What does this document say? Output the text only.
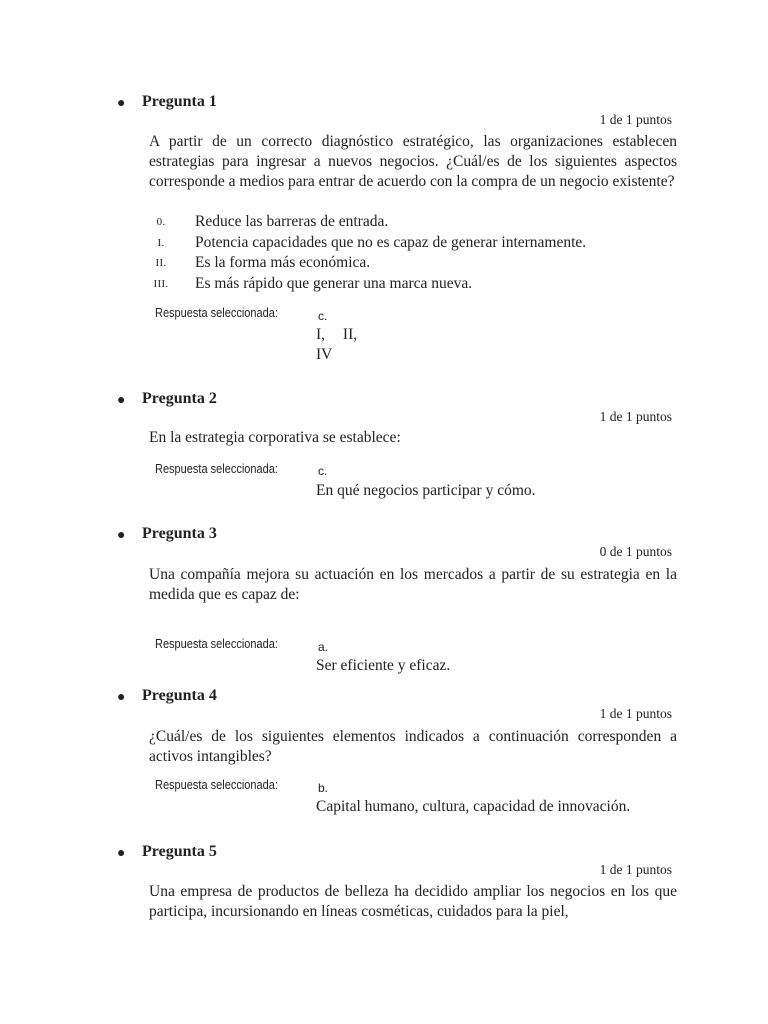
● Pregunta 1
1 de 1 puntos
A partir de un correcto diagnóstico estratégico, las organizaciones establecen estrategias para ingresar a nuevos negocios. ¿Cuál/es de los siguientes aspectos corresponde a medios para entrar de acuerdo con la compra de un negocio existente?
0.	Reduce las barreras de entrada.
I.	Potencia capacidades que no es capaz de generar internamente.
II.	Es la forma más económica.
III. Es más rápido que generar una marca nueva.
Respuesta seleccionada:	c.
I, II, IV
● Pregunta 2
1 de 1 puntos
En la estrategia corporativa se establece:
Respuesta seleccionada:	c.
En qué negocios participar y cómo.
● Pregunta 3
0 de 1 puntos
Una compañía mejora su actuación en los mercados a partir de su estrategia en la medida que es capaz de:
Respuesta seleccionada:	a.
Ser eficiente y eficaz.
● Pregunta 4
1 de 1 puntos
¿Cuál/es de los siguientes elementos indicados a continuación corresponden a activos intangibles?
Respuesta seleccionada:	b.
Capital humano, cultura, capacidad de innovación.
● Pregunta 5
1 de 1 puntos
Una empresa de productos de belleza ha decidido ampliar los negocios en los que participa, incursionando en líneas cosméticas, cuidados para la piel,
